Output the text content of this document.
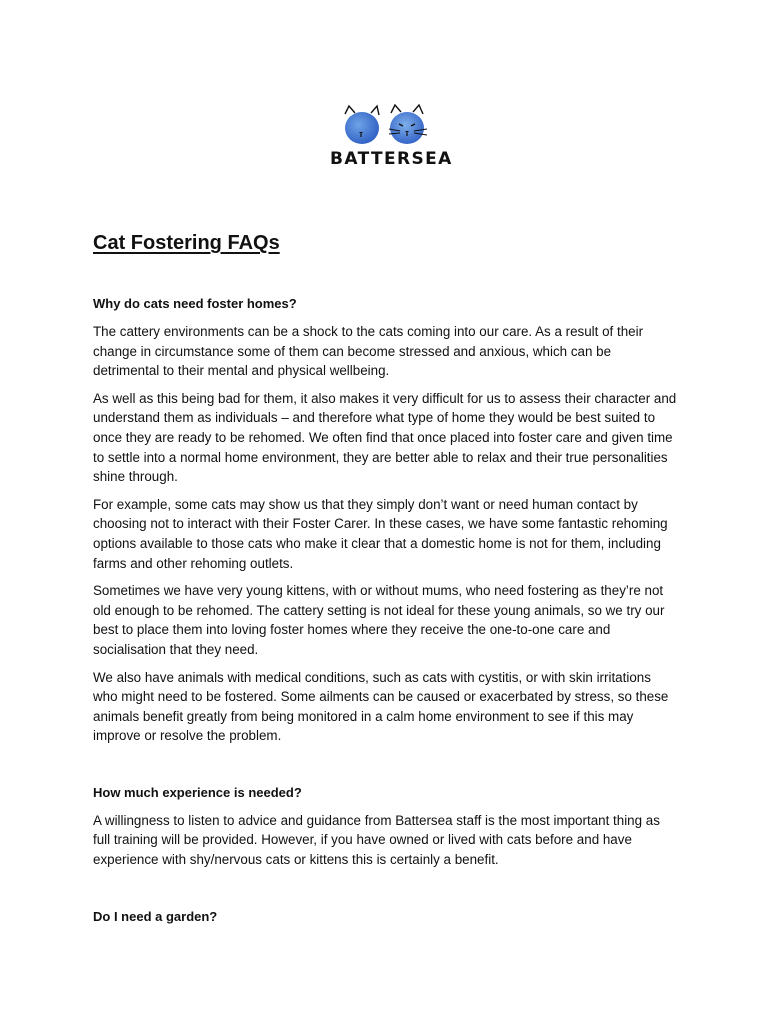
BATTERSEA
Cat Fostering FAQs
Why do cats need foster homes?

The cattery environments can be a shock to the cats coming into our care. As a result of their change in circumstance some of them can become stressed and anxious, which can be detrimental to their mental and physical wellbeing.

As well as this being bad for them, it also makes it very difficult for us to assess their character and understand them as individuals – and therefore what type of home they would be best suited to once they are ready to be rehomed. We often find that once placed into foster care and given time to settle into a normal home environment, they are better able to relax and their true personalities shine through.

For example, some cats may show us that they simply don’t want or need human contact by choosing not to interact with their Foster Carer. In these cases, we have some fantastic rehoming options available to those cats who make it clear that a domestic home is not for them, including farms and other rehoming outlets.

Sometimes we have very young kittens, with or without mums, who need fostering as they’re not old enough to be rehomed. The cattery setting is not ideal for these young animals, so we try our best to place them into loving foster homes where they receive the one-to-one care and socialisation that they need.

We also have animals with medical conditions, such as cats with cystitis, or with skin irritations who might need to be fostered. Some ailments can be caused or exacerbated by stress, so these animals benefit greatly from being monitored in a calm home environment to see if this may improve or resolve the problem.

How much experience is needed?

A willingness to listen to advice and guidance from Battersea staff is the most important thing as full training will be provided. However, if you have owned or lived with cats before and have experience with shy/nervous cats or kittens this is certainly a benefit.

Do I need a garden?
